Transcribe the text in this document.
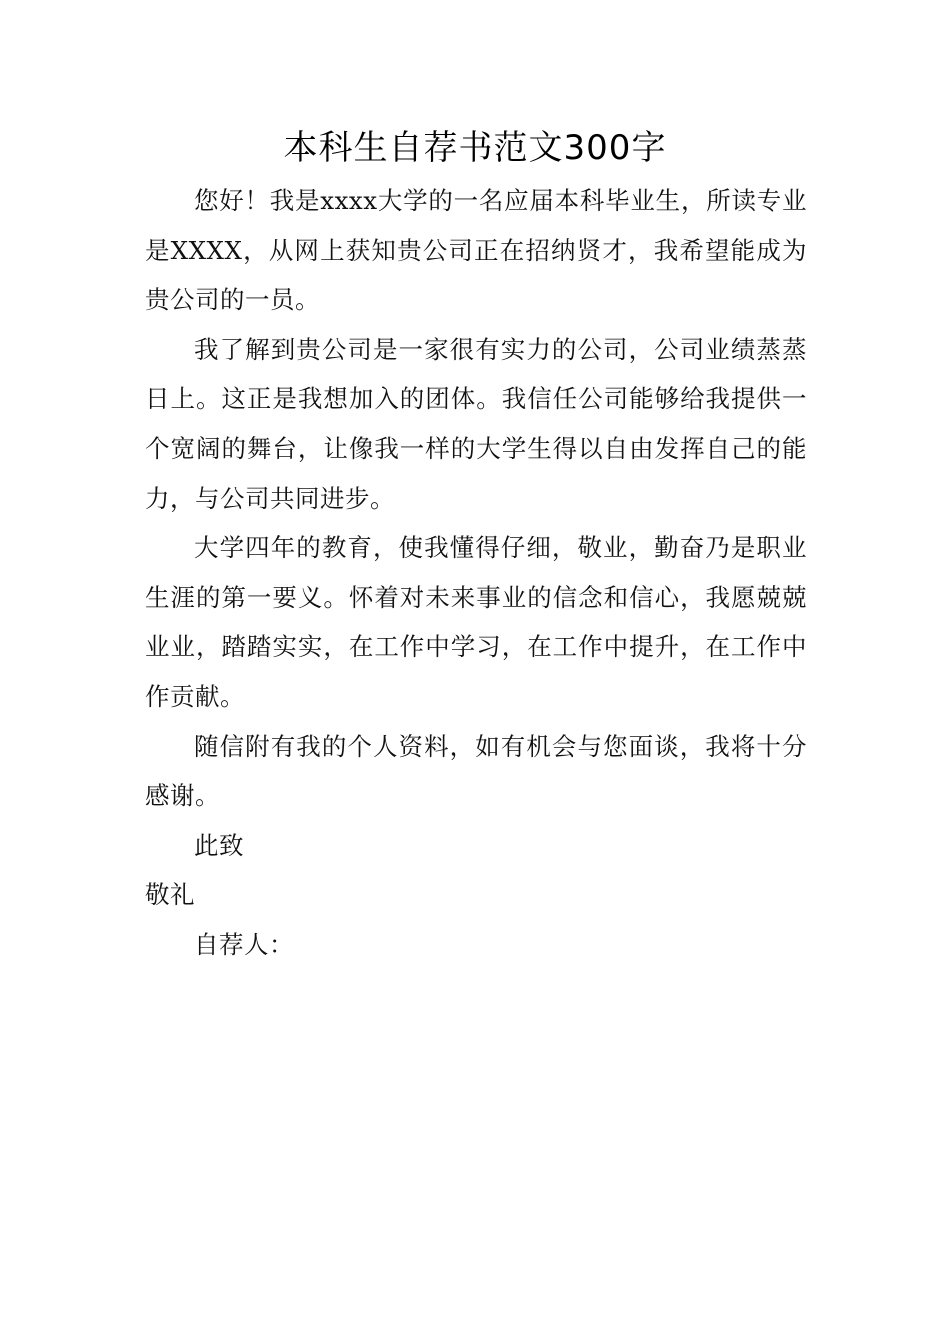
本科生自荐书范文300字

您好！我是xxxx大学的一名应届本科毕业生，所读专业是XXXX，从网上获知贵公司正在招纳贤才，我希望能成为贵公司的一员。

我了解到贵公司是一家很有实力的公司，公司业绩蒸蒸日上。这正是我想加入的团体。我信任公司能够给我提供一个宽阔的舞台，让像我一样的大学生得以自由发挥自己的能力，与公司共同进步。

大学四年的教育，使我懂得仔细，敬业，勤奋乃是职业生涯的第一要义。怀着对未来事业的信念和信心，我愿兢兢业业，踏踏实实，在工作中学习，在工作中提升，在工作中作贡献。

随信附有我的个人资料，如有机会与您面谈，我将十分感谢。

此致

敬礼

自荐人：
